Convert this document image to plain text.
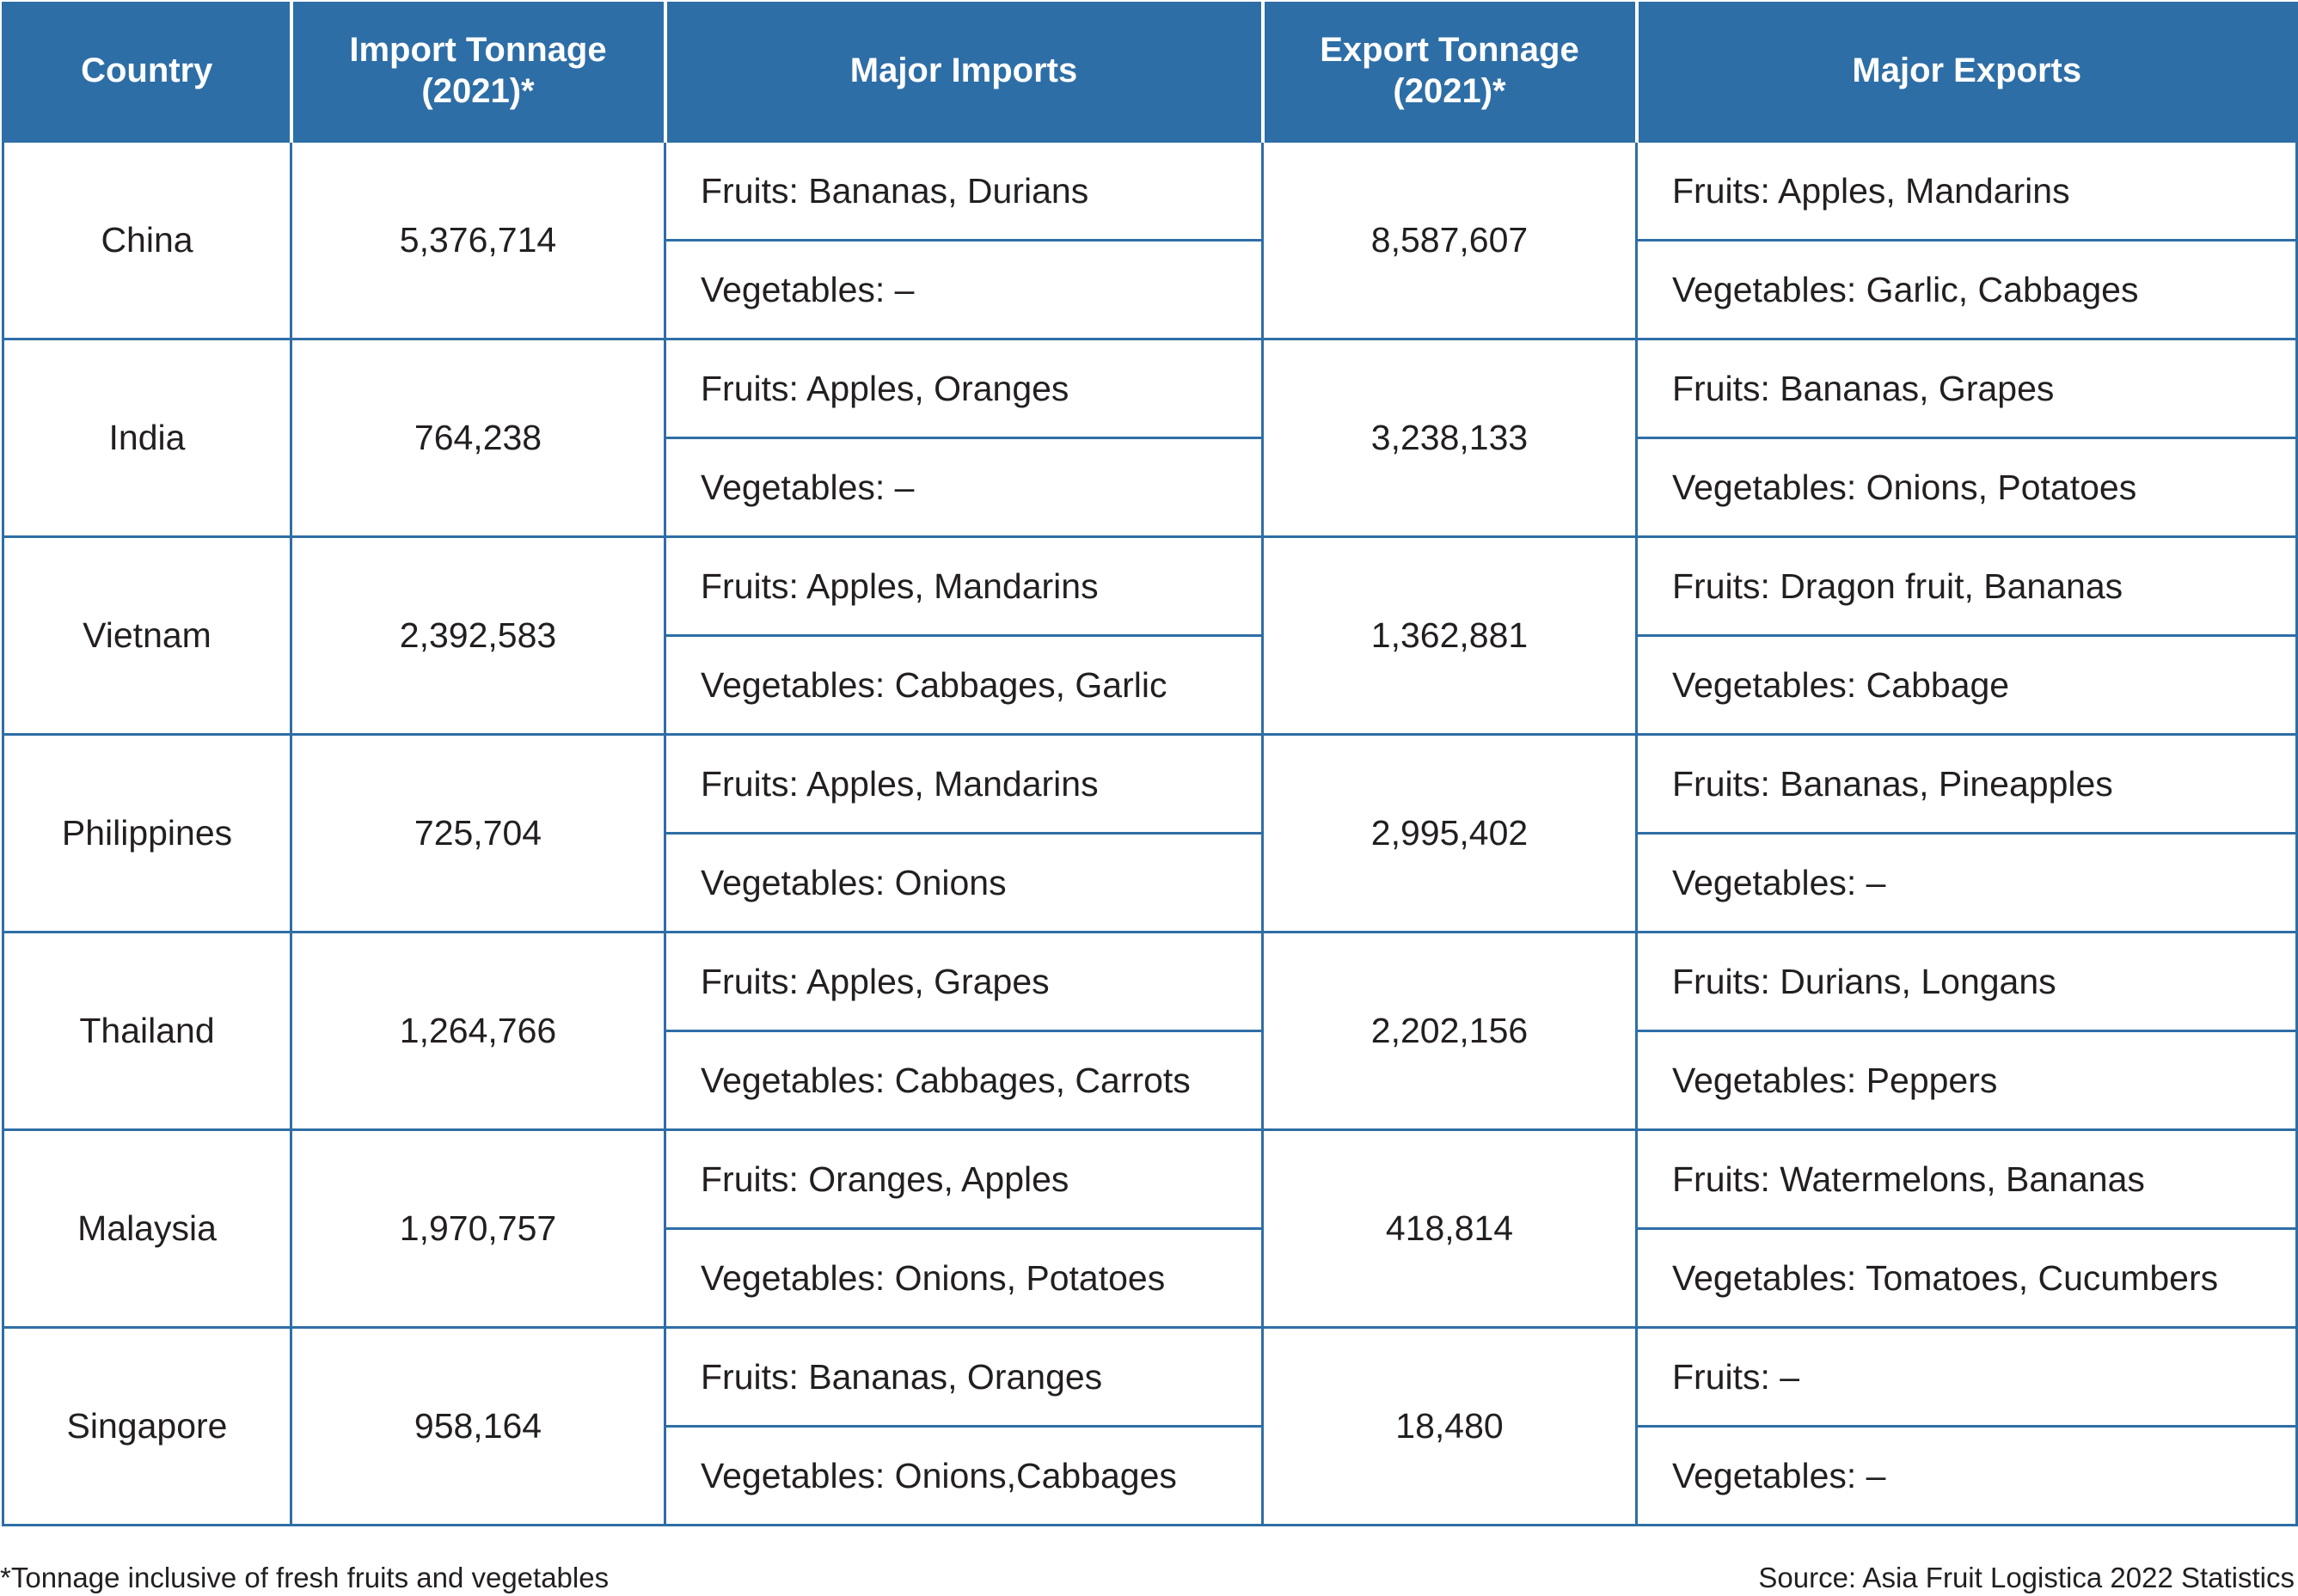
Country	Import Tonnage (2021)*	Major Imports	Export Tonnage (2021)*	Major Exports
China	5,376,714	Fruits: Bananas, Durians	8,587,607	Fruits: Apples, Mandarins
		Vegetables: –		Vegetables: Garlic, Cabbages
India	764,238	Fruits: Apples, Oranges	3,238,133	Fruits: Bananas, Grapes
		Vegetables: –		Vegetables: Onions, Potatoes
Vietnam	2,392,583	Fruits: Apples, Mandarins	1,362,881	Fruits: Dragon fruit, Bananas
		Vegetables: Cabbages, Garlic		Vegetables: Cabbage
Philippines	725,704	Fruits: Apples, Mandarins	2,995,402	Fruits: Bananas, Pineapples
		Vegetables: Onions		Vegetables: –
Thailand	1,264,766	Fruits: Apples, Grapes	2,202,156	Fruits: Durians, Longans
		Vegetables: Cabbages, Carrots		Vegetables: Peppers
Malaysia	1,970,757	Fruits: Oranges, Apples	418,814	Fruits: Watermelons, Bananas
		Vegetables: Onions, Potatoes		Vegetables: Tomatoes, Cucumbers
Singapore	958,164	Fruits: Bananas, Oranges	18,480	Fruits: –
		Vegetables: Onions,Cabbages		Vegetables: –
*Tonnage inclusive of fresh fruits and vegetables	Source: Asia Fruit Logistica 2022 Statistics
